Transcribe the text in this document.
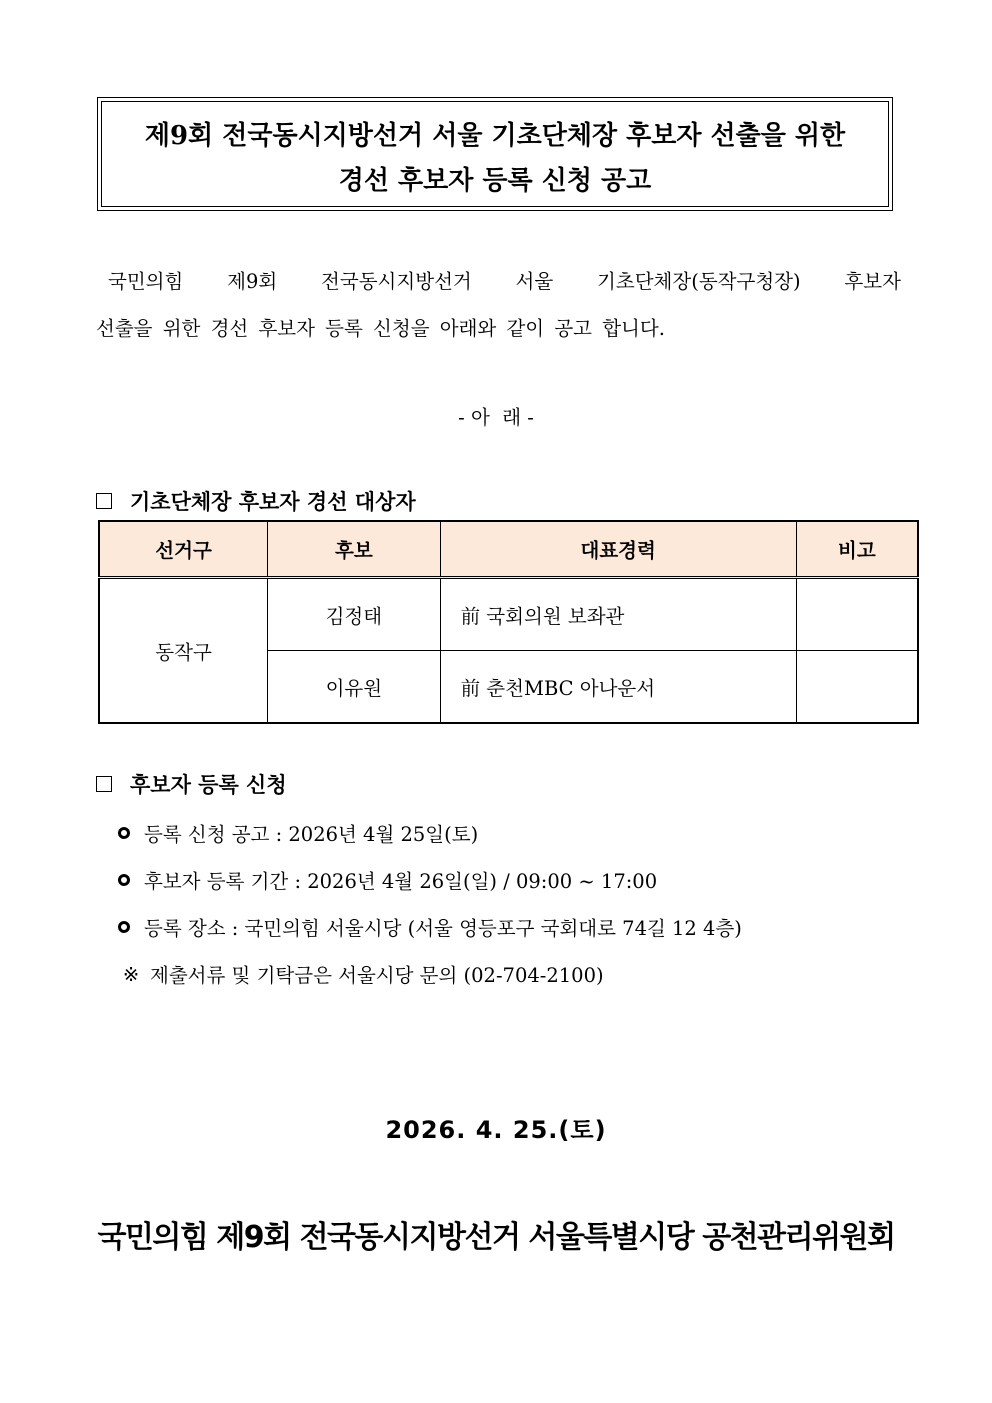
제9회 전국동시지방선거 서울 기초단체장 후보자 선출을 위한
경선 후보자 등록 신청 공고
국민의힘 제9회 전국동시지방선거 서울 기초단체장(동작구청장) 후보자
선출을 위한 경선 후보자 등록 신청을 아래와 같이 공고 합니다.
- 아  래 -
기초단체장 후보자 경선 대상자
선거구	후보	대표경력	비고
동작구	김정태	前 국회의원 보좌관	
	이유원	前 춘천MBC 아나운서	
후보자 등록 신청
등록 신청 공고 : 2026년 4월 25일(토)
후보자 등록 기간 : 2026년 4월 26일(일) / 09:00 ~ 17:00
등록 장소 : 국민의힘 서울시당 (서울 영등포구 국회대로 74길 12 4층)
※ 제출서류 및 기탁금은 서울시당 문의 (02-704-2100)
2026. 4. 25.(토)
국민의힘 제9회 전국동시지방선거 서울특별시당 공천관리위원회
